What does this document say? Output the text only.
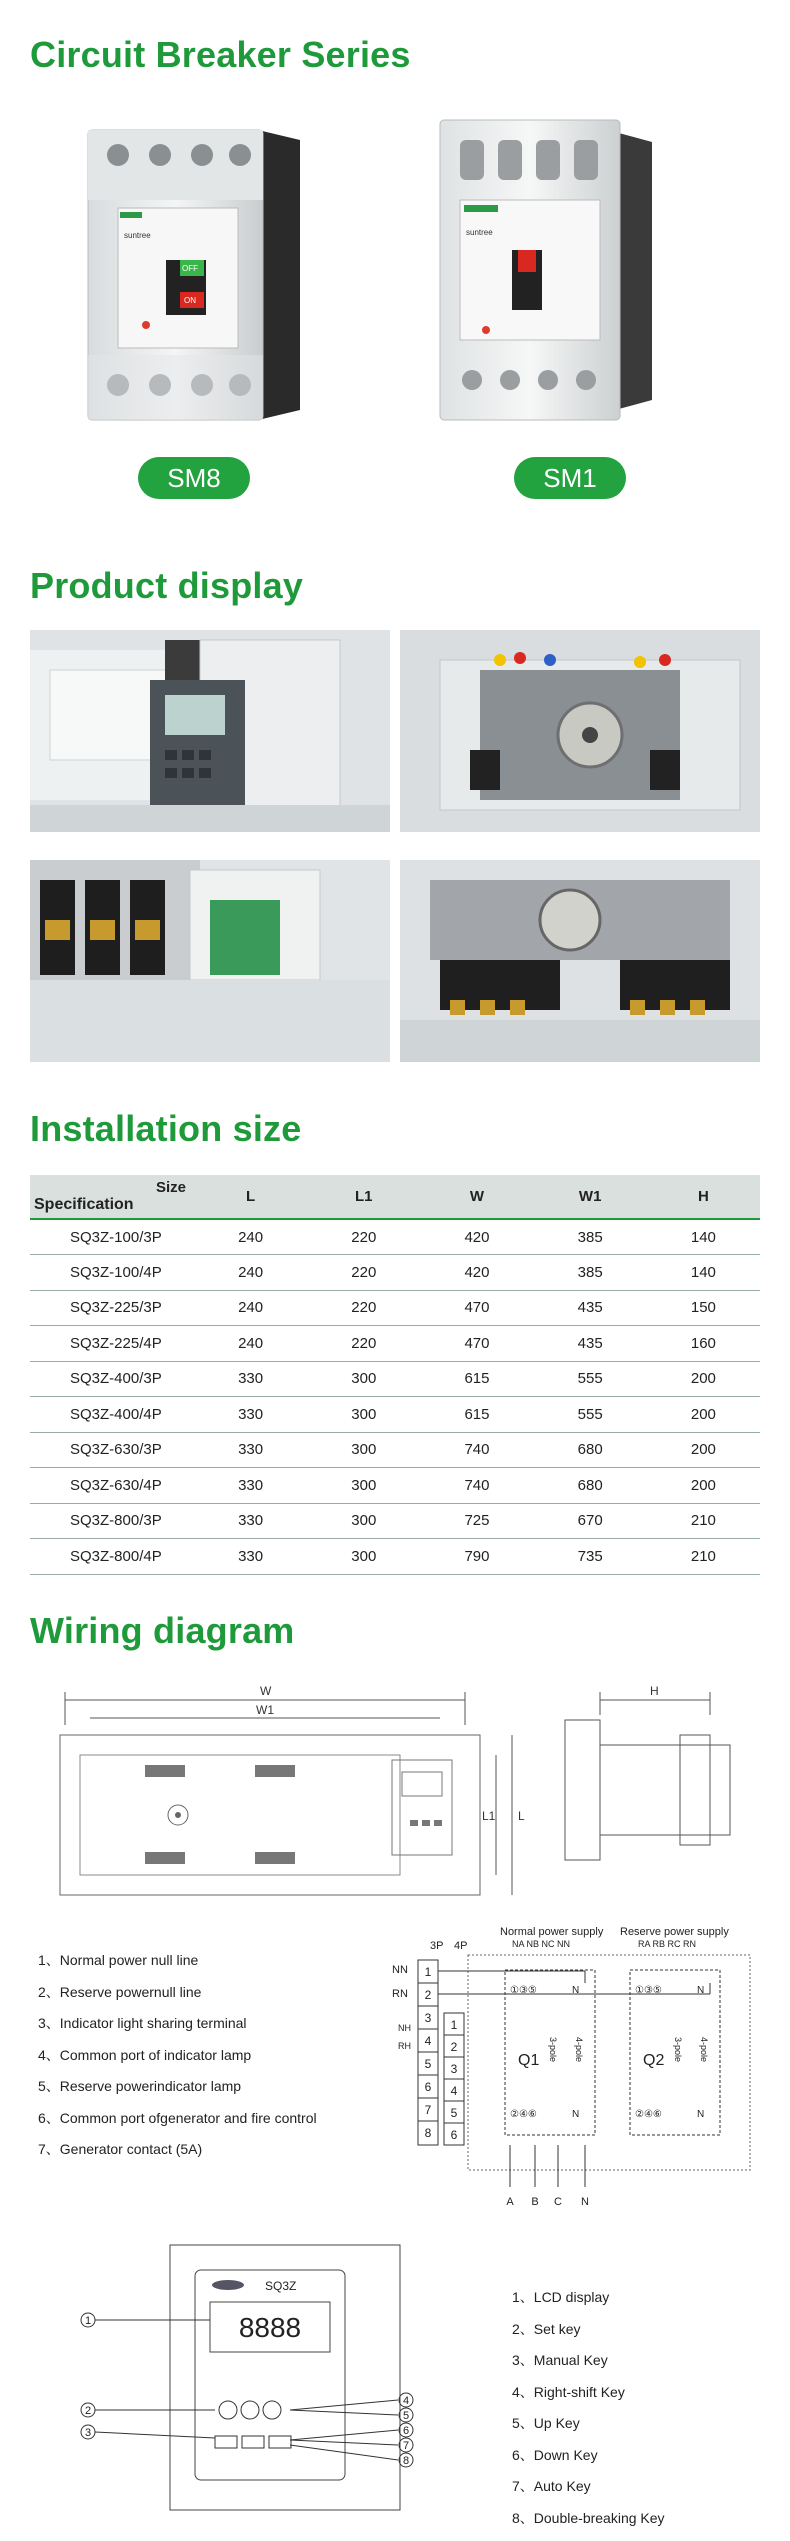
Circuit Breaker Series
suntree
OFF
ON
SM8
suntree
SM1
Product display
Installation size
Size
Specification	L	L1	W	W1	H
SQ3Z-100/3P	240	220	420	385	140
SQ3Z-100/4P	240	220	420	385	140
SQ3Z-225/3P	240	220	470	435	150
SQ3Z-225/4P	240	220	470	435	160
SQ3Z-400/3P	330	300	615	555	200
SQ3Z-400/4P	330	300	615	555	200
SQ3Z-630/3P	330	300	740	680	200
SQ3Z-630/4P	330	300	740	680	200
SQ3Z-800/3P	330	300	725	670	210
SQ3Z-800/4P	330	300	790	735	210
Wiring diagram
W
W1
L
L1
H
1、Normal power null line
2、Reserve powernull line
3、Indicator light sharing terminal
4、Common port of indicator lamp
5、Reserve powerindicator lamp
6、Common port ofgenerator and fire control
7、Generator contact (5A)
3P 4P
Normal power supply Reserve power supply
NA NB NC NN	RA RB RC RN
NN
RN
NH
RH
1
2
3
4
5
6
7
8
1
2
3
4
5
6
①③⑤
②④⑥
①③⑤
②④⑥
N
N
N
N
Q1	Q2
3-pole 4-pole	3-pole 4-pole
A B C N
SQ3Z
8888
1
2
3
4
5
6
7
8
1、LCD display
2、Set key
3、Manual Key
4、Right-shift Key
5、Up Key
6、Down Key
7、Auto Key
8、Double-breaking Key
